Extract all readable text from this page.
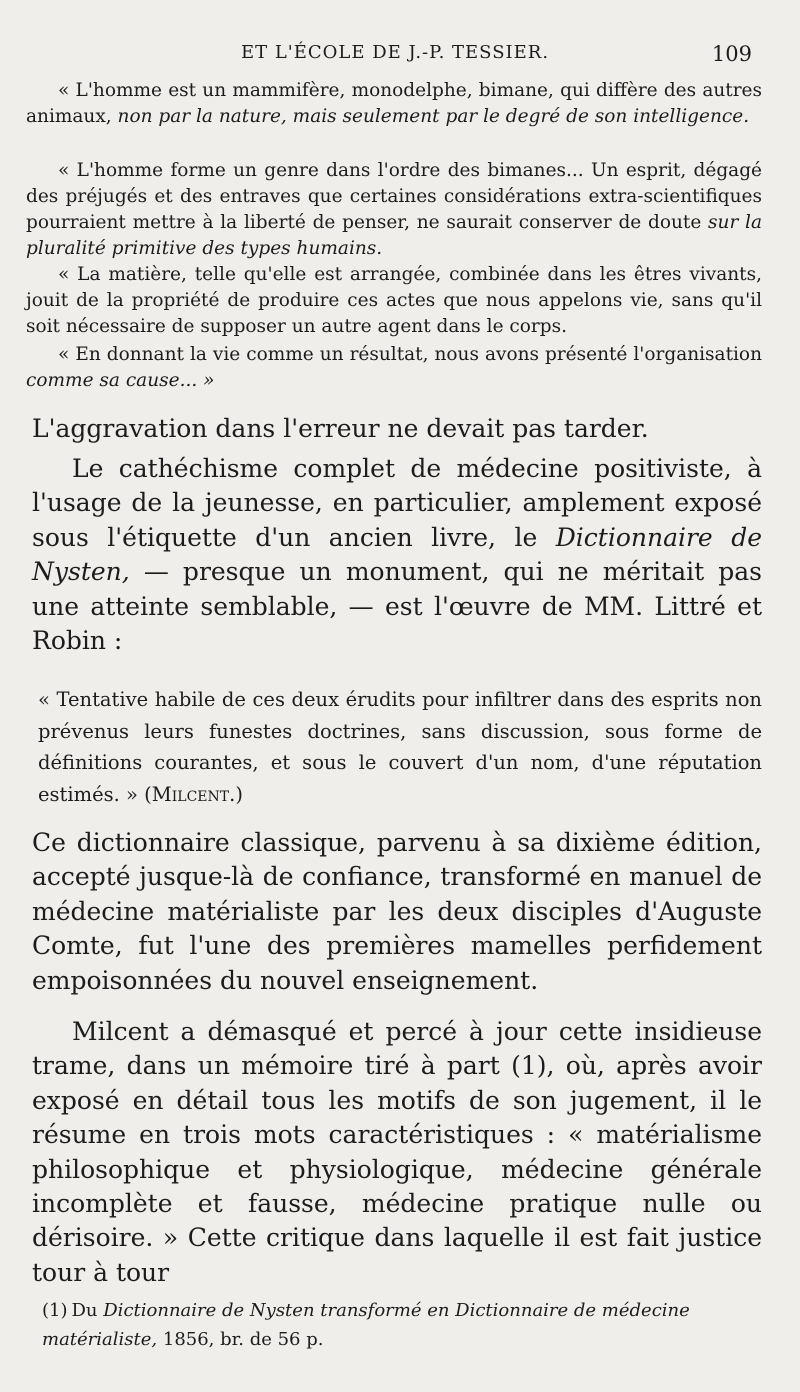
ET L'ÉCOLE DE J.-P. TESSIER.	109
« L'homme est un mammifère, monodelphe, bimane, qui diffère des autres animaux, non par la nature, mais seulement par le degré de son intelligence.
« L'homme forme un genre dans l'ordre des bimanes... Un esprit, dégagé des préjugés et des entraves que certaines considérations extra-scientifiques pourraient mettre à la liberté de penser, ne saurait conserver de doute sur la pluralité primitive des types humains.
« La matière, telle qu'elle est arrangée, combinée dans les êtres vivants, jouit de la propriété de produire ces actes que nous appelons vie, sans qu'il soit nécessaire de supposer un autre agent dans le corps.
« En donnant la vie comme un résultat, nous avons présenté l'organisation comme sa cause... »
L'aggravation dans l'erreur ne devait pas tarder.
Le cathéchisme complet de médecine positiviste, à l'usage de la jeunesse, en particulier, amplement exposé sous l'étiquette d'un ancien livre, le Dictionnaire de Nysten, — presque un monument, qui ne méritait pas une atteinte semblable, — est l'œuvre de MM. Littré et Robin :
« Tentative habile de ces deux érudits pour infiltrer dans des esprits non prévenus leurs funestes doctrines, sans discussion, sous forme de définitions courantes, et sous le couvert d'un nom, d'une réputation estimés. » (Milcent.)
Ce dictionnaire classique, parvenu à sa dixième édition, accepté jusque-là de confiance, transformé en manuel de médecine matérialiste par les deux disciples d'Auguste Comte, fut l'une des premières mamelles perfidement empoisonnées du nouvel enseignement.
Milcent a démasqué et percé à jour cette insidieuse trame, dans un mémoire tiré à part (1), où, après avoir exposé en détail tous les motifs de son jugement, il le résume en trois mots caractéristiques : « matérialisme philosophique et physiologique, médecine générale incomplète et fausse, médecine pratique nulle ou dérisoire. » Cette critique dans laquelle il est fait justice tour à tour
(1) Du Dictionnaire de Nysten transformé en Dictionnaire de médecine matérialiste, 1856, br. de 56 p.
